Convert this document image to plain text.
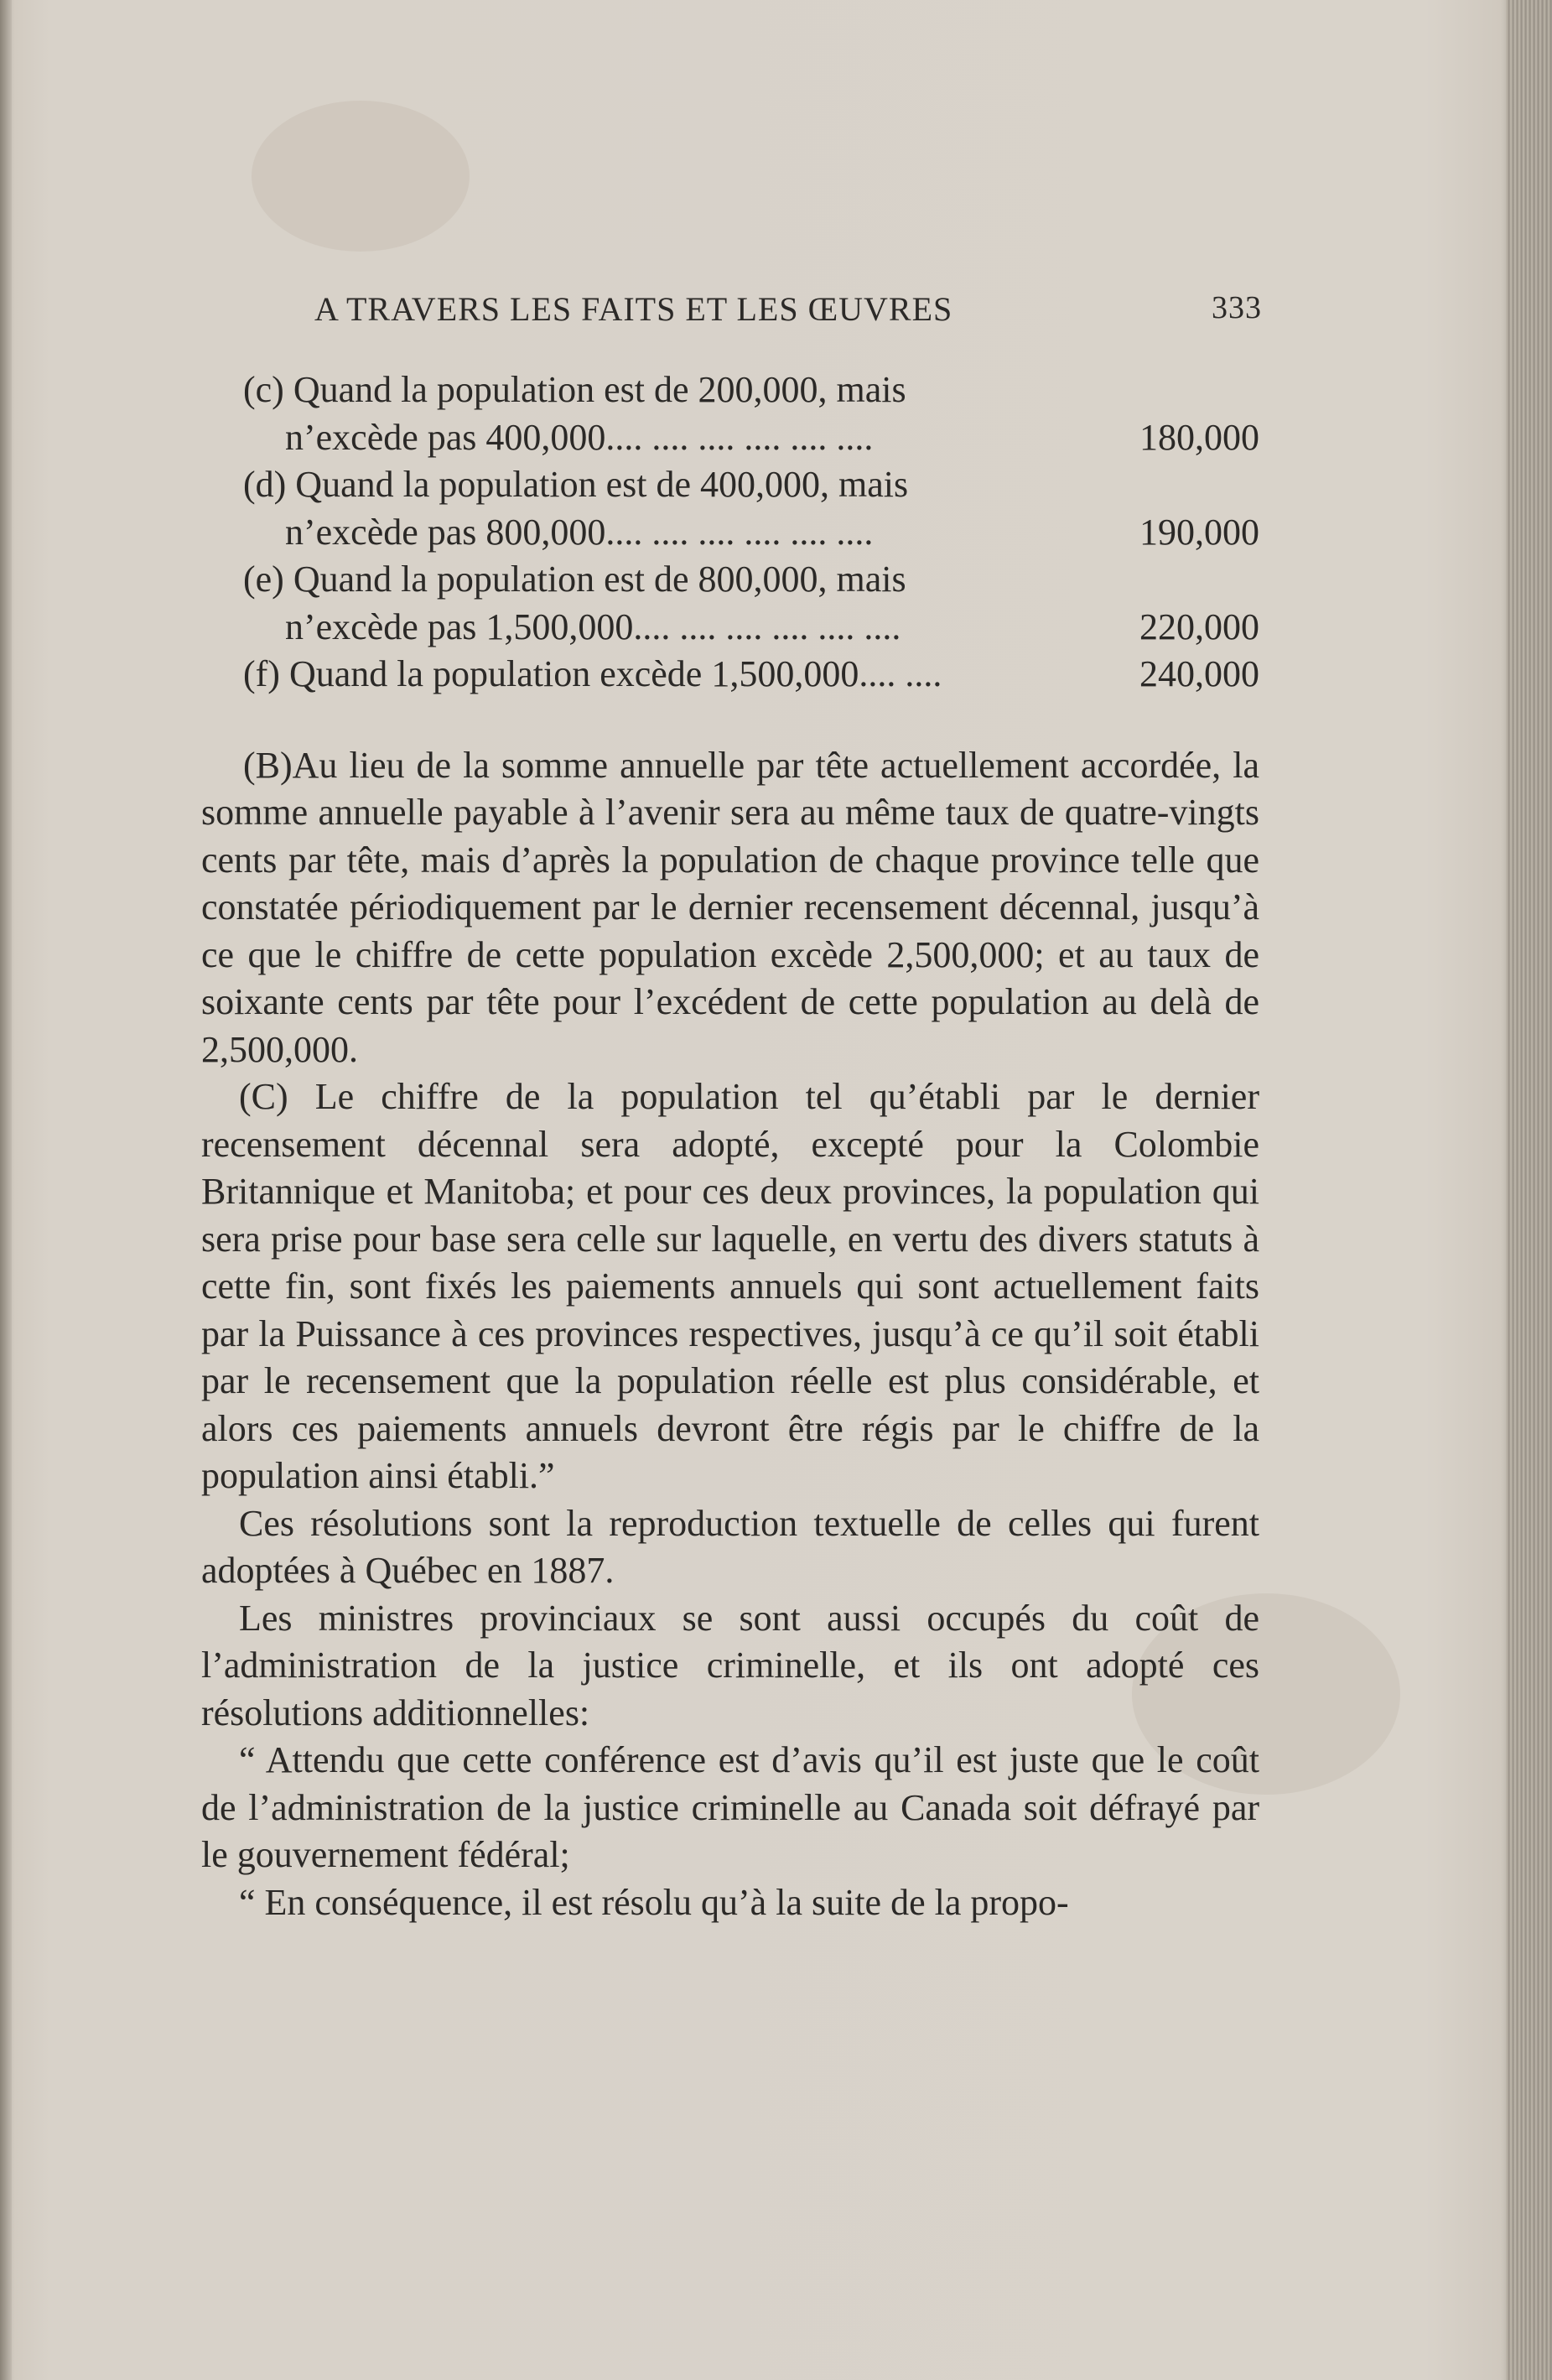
A TRAVERS LES FAITS ET LES ŒUVRES	333
(c) Quand la population est de 200,000, mais
n’excède pas 400,000.... .... .... .... .... ....	180,000
(d) Quand la population est de 400,000, mais
n’excède pas 800,000.... .... .... .... .... ....	190,000
(e) Quand la population est de 800,000, mais
n’excède pas 1,500,000.... .... .... .... .... ....	220,000
(f) Quand la population excède 1,500,000.... ....	240,000

(B)Au lieu de la somme annuelle par tête actuellement accordée, la somme annuelle payable à l’avenir sera au même taux de quatre-vingts cents par tête, mais d’après la population de chaque province telle que constatée périodiquement par le dernier recensement décennal, jusqu’à ce que le chiffre de cette population excède 2,500,000; et au taux de soixante cents par tête pour l’excédent de cette population au delà de 2,500,000.

(C) Le chiffre de la population tel qu’établi par le dernier recensement décennal sera adopté, excepté pour la Colombie Britannique et Manitoba; et pour ces deux provinces, la population qui sera prise pour base sera celle sur laquelle, en vertu des divers statuts à cette fin, sont fixés les paiements annuels qui sont actuellement faits par la Puissance à ces provinces respectives, jusqu’à ce qu’il soit établi par le recensement que la population réelle est plus considérable, et alors ces paiements annuels devront être régis par le chiffre de la population ainsi établi.”

Ces résolutions sont la reproduction textuelle de celles qui furent adoptées à Québec en 1887.

Les ministres provinciaux se sont aussi occupés du coût de l’administration de la justice criminelle, et ils ont adopté ces résolutions additionnelles:

“ Attendu que cette conférence est d’avis qu’il est juste que le coût de l’administration de la justice criminelle au Canada soit défrayé par le gouvernement fédéral;

“ En conséquence, il est résolu qu’à la suite de la propo-
